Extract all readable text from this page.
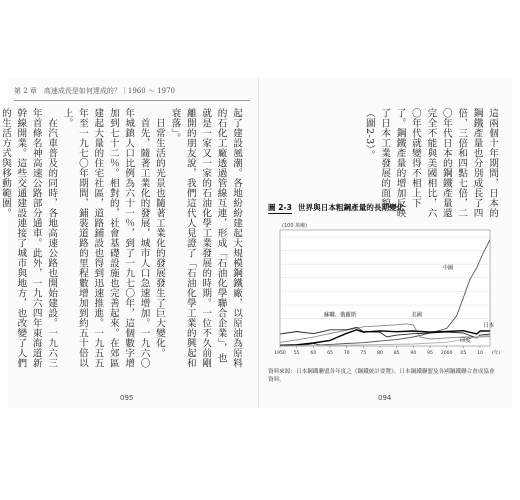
第 2 章　高速成長是如何達成的？｜1960 ～ 1970

起了建設風潮。各地紛紛建起大規模鋼鐵廠，以原油為原料的石化工廠透過管線互連，形成「石油化學聯合企業」，也就是一家又一家的石油化學工業發展的時期。一位不久前剛離開的朋友說，我們這代人見證了「石油化學工業的興起和衰落」。

日常生活的光景也隨著工業化的發展發生了巨大變化。

首先，隨著工業化的發展，城市人口急速增加。一九六〇年城鎮人口比例為六十一％，到了一九七〇年，這個數字增加到七十二％。相對的，社會基礎設施也完善起來。在郊區建起大量的住宅社區，道路鋪設也得到迅速推進。一九五五年至一九七〇年期間，鋪裝道路的里程數增加到約五十倍以上。

在汽車普及的同時，各地高速公路也開始建設。一九六三年首條名神高速公路部分通車。此外，一九六四年東海道新幹線開業。這些交通建設連接了城市與地方，也改變了人們的生活方式與移動範圍。

095

這兩個十年期間，日本的鋼鐵產量也分別成長了四倍、三倍和四點七倍，二〇年代日本的鋼鐵產量還完全不能與美國相比，六〇年代就變得不相上下了。鋼鐵產量的增加反映了日本工業發展的面貌（圖2-3）。

圖 2-3 世界與日本粗鋼產量的長期變化
(100 萬噸)
1950 55 60 65 70 75 80 85 90 95 2000 05 10 (年)
中國
蘇聯、俄羅斯	美國
日本
印度
資料來源：日本鋼鐵聯盟各年度之《鋼鐵統計要覽》、日本鋼鐵聯盟及各國鋼鐵聯合會成協會資料。
094
